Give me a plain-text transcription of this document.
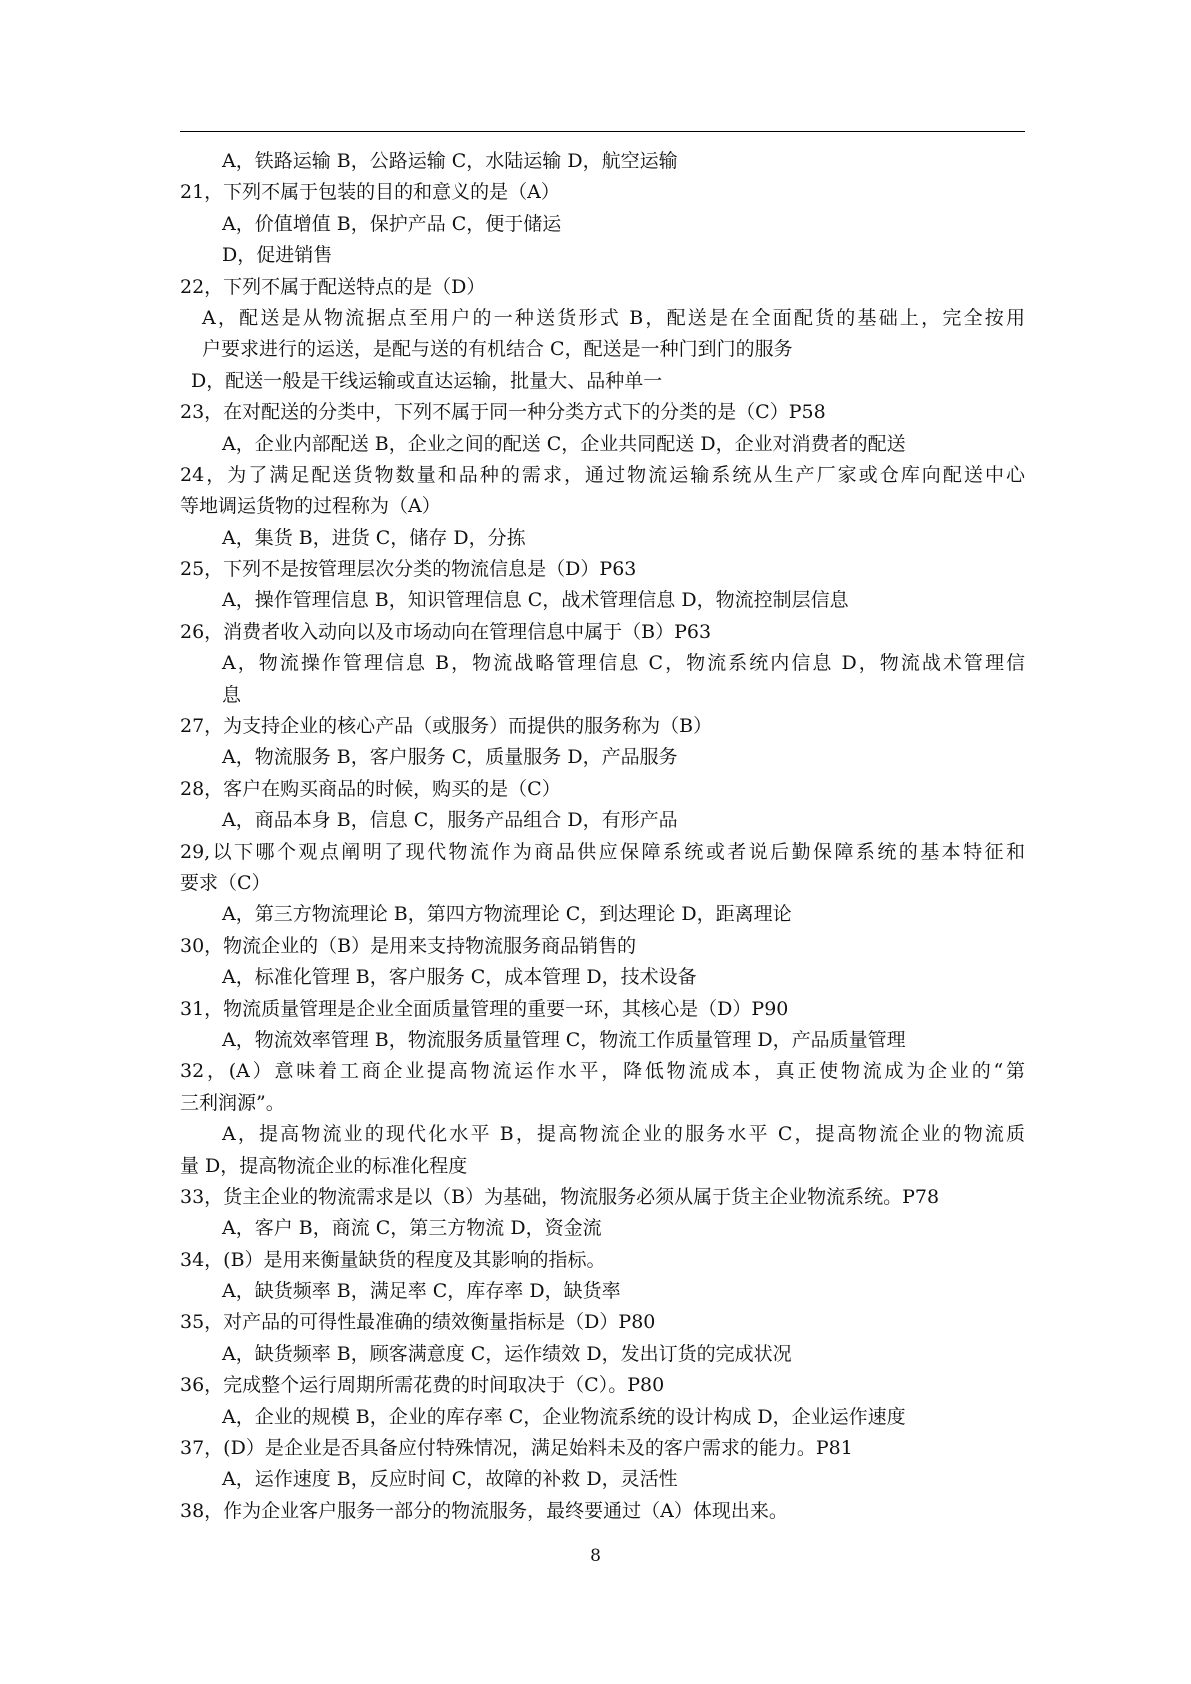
A，铁路运输 B，公路运输 C，水陆运输 D，航空运输
21，下列不属于包装的目的和意义的是（A）
A，价值增值 B，保护产品 C，便于储运
D，促进销售
22，下列不属于配送特点的是（D）
A，配送是从物流据点至用户的一种送货形式 B，配送是在全面配货的基础上，完全按用
户要求进行的运送，是配与送的有机结合 C，配送是一种门到门的服务
D，配送一般是干线运输或直达运输，批量大、品种单一
23，在对配送的分类中，下列不属于同一种分类方式下的分类的是（C）P58
A，企业内部配送 B，企业之间的配送 C，企业共同配送 D，企业对消费者的配送
24，为了满足配送货物数量和品种的需求，通过物流运输系统从生产厂家或仓库向配送中心
等地调运货物的过程称为（A）
A，集货 B，进货 C，储存 D，分拣
25，下列不是按管理层次分类的物流信息是（D）P63
A，操作管理信息 B，知识管理信息 C，战术管理信息 D，物流控制层信息
26，消费者收入动向以及市场动向在管理信息中属于（B）P63
A，物流操作管理信息 B，物流战略管理信息 C，物流系统内信息 D，物流战术管理信
息
27，为支持企业的核心产品（或服务）而提供的服务称为（B）
A，物流服务 B，客户服务 C，质量服务 D，产品服务
28，客户在购买商品的时候，购买的是（C）
A，商品本身 B，信息 C，服务产品组合 D，有形产品
29,以下哪个观点阐明了现代物流作为商品供应保障系统或者说后勤保障系统的基本特征和
要求（C）
A，第三方物流理论 B，第四方物流理论 C，到达理论 D，距离理论
30，物流企业的（B）是用来支持物流服务商品销售的
A，标准化管理 B，客户服务 C，成本管理 D，技术设备
31，物流质量管理是企业全面质量管理的重要一环，其核心是（D）P90
A，物流效率管理 B，物流服务质量管理 C，物流工作质量管理 D，产品质量管理
32，(A）意味着工商企业提高物流运作水平，降低物流成本，真正使物流成为企业的“第
三利润源”。
A，提高物流业的现代化水平 B，提高物流企业的服务水平 C，提高物流企业的物流质
量 D，提高物流企业的标准化程度
33，货主企业的物流需求是以（B）为基础，物流服务必须从属于货主企业物流系统。P78
A，客户 B，商流 C，第三方物流 D，资金流
34，(B）是用来衡量缺货的程度及其影响的指标。
A，缺货频率 B，满足率 C，库存率 D，缺货率
35，对产品的可得性最准确的绩效衡量指标是（D）P80
A，缺货频率 B，顾客满意度 C，运作绩效 D，发出订货的完成状况
36，完成整个运行周期所需花费的时间取决于（C）。P80
A，企业的规模 B，企业的库存率 C，企业物流系统的设计构成 D，企业运作速度
37，(D）是企业是否具备应付特殊情况，满足始料未及的客户需求的能力。P81
A，运作速度 B，反应时间 C，故障的补救 D，灵活性
38，作为企业客户服务一部分的物流服务，最终要通过（A）体现出来。
8
